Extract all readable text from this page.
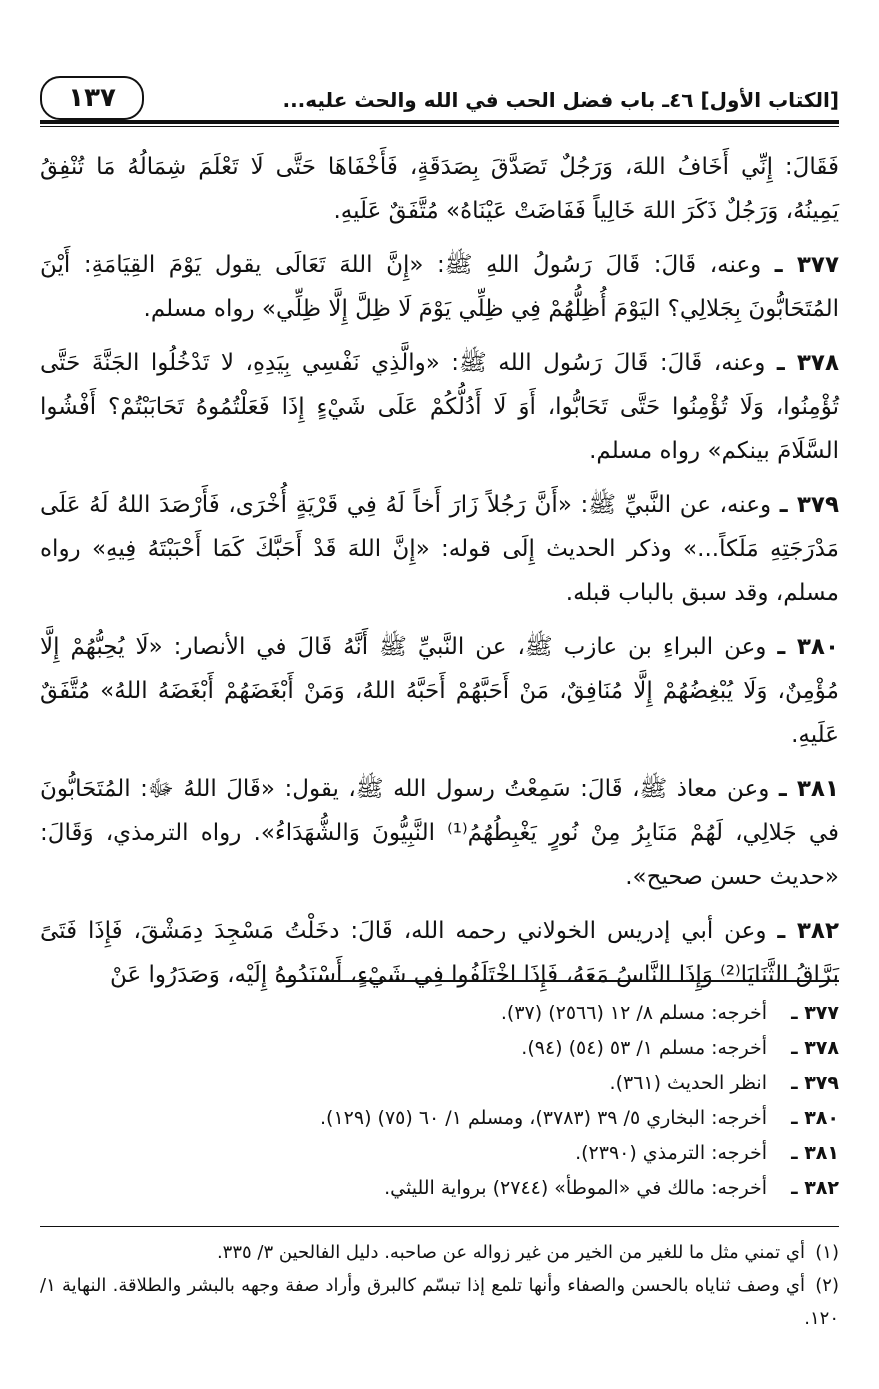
١٣٧	[الكتاب الأول] ٤٦ـ باب فضل الحب في الله والحث عليه...

فَقَالَ: إِنِّي أَخَافُ اللهَ، وَرَجُلٌ تَصَدَّقَ بِصَدَقَةٍ، فَأَخْفَاهَا حَتَّى لَا تَعْلَمَ شِمَالُهُ مَا تُنْفِقُ يَمِينُهُ، وَرَجُلٌ ذَكَرَ اللهَ خَالِياً فَفَاضَتْ عَيْنَاهُ» مُتَّفَقٌ عَلَيهِ.

٣٧٧ ـ وعنه، قَالَ: قَالَ رَسُولُ اللهِ ﷺ: «إِنَّ اللهَ تَعَالَى يقول يَوْمَ القِيَامَةِ: أَيْنَ المُتَحَابُّونَ بِجَلالِي؟ اليَوْمَ أُظِلُّهُمْ فِي ظِلِّي يَوْمَ لَا ظِلَّ إِلَّا ظِلِّي» رواه مسلم.

٣٧٨ ـ وعنه، قَالَ: قَالَ رَسُول الله ﷺ: «والَّذِي نَفْسِي بِيَدِهِ، لا تَدْخُلُوا الجَنَّةَ حَتَّى تُؤْمِنُوا، وَلَا تُؤْمِنُوا حَتَّى تَحَابُّوا، أَوَ لَا أَدُلُّكُمْ عَلَى شَيْءٍ إِذَا فَعَلْتُمُوهُ تَحَابَبْتُمْ؟ أَفْشُوا السَّلَامَ بينكم» رواه مسلم.

٣٧٩ ـ وعنه، عن النَّبيِّ ﷺ: «أَنَّ رَجُلاً زَارَ أَخاً لَهُ فِي قَرْيَةٍ أُخْرَى، فَأَرْصَدَ اللهُ لَهُ عَلَى مَدْرَجَتِهِ مَلَكاً...» وذكر الحديث إِلَى قوله: «إِنَّ اللهَ قَدْ أَحَبَّكَ كَمَا أَحْبَبْتَهُ فِيهِ» رواه مسلم، وقد سبق بالباب قبله.

٣٨٠ ـ وعن البراءِ بن عازب ﷺ، عن النَّبيِّ ﷺ أَنَّهُ قَالَ في الأنصار: «لَا يُحِبُّهُمْ إِلَّا مُؤْمِنٌ، وَلَا يُبْغِضُهُمْ إِلَّا مُنَافِقٌ، مَنْ أَحَبَّهُمْ أَحَبَّهُ اللهُ، وَمَنْ أَبْغَضَهُمْ أَبْغَضَهُ اللهُ» مُتَّفَقٌ عَلَيهِ.

٣٨١ ـ وعن معاذ ﷺ، قَالَ: سَمِعْتُ رسول الله ﷺ، يقول: «قَالَ اللهُ ﷻ: المُتَحَابُّونَ في جَلالِي، لَهُمْ مَنَابِرُ مِنْ نُورٍ يَغْبِطُهُمُ⁽¹⁾ النَّبِيُّونَ وَالشُّهَدَاءُ». رواه الترمذي، وَقَالَ: «حديث حسن صحيح».

٣٨٢ ـ وعن أبي إدريس الخولاني رحمه الله، قَالَ: دخَلْتُ مَسْجِدَ دِمَشْقَ، فَإِذَا فَتَىً بَرَّاقُ الثَّنَايَا⁽²⁾ وَإِذَا النَّاسُ مَعَهُ، فَإِذَا اخْتَلَفُوا فِي شَيْءٍ، أَسْنَدُوهُ إِلَيْه، وَصَدَرُوا عَنْ

٣٧٧ ـأخرجه: مسلم ٨/ ١٢ (٢٥٦٦) (٣٧).
٣٧٨ ـأخرجه: مسلم ١/ ٥٣ (٥٤) (٩٤).
٣٧٩ ـانظر الحديث (٣٦١).
٣٨٠ ـأخرجه: البخاري ٥/ ٣٩ (٣٧٨٣)، ومسلم ١/ ٦٠ (٧٥) (١٢٩).
٣٨١ ـأخرجه: الترمذي (٢٣٩٠).
٣٨٢ ـأخرجه: مالك في «الموطأ» (٢٧٤٤) برواية الليثي.
(١)أي تمني مثل ما للغير من الخير من غير زواله عن صاحبه. دليل الفالحين ٣/ ٣٣٥.
(٢)أي وصف ثناياه بالحسن والصفاء وأنها تلمع إذا تبسّم كالبرق وأراد صفة وجهه بالبشر والطلاقة. النهاية ١/ ١٢٠.
